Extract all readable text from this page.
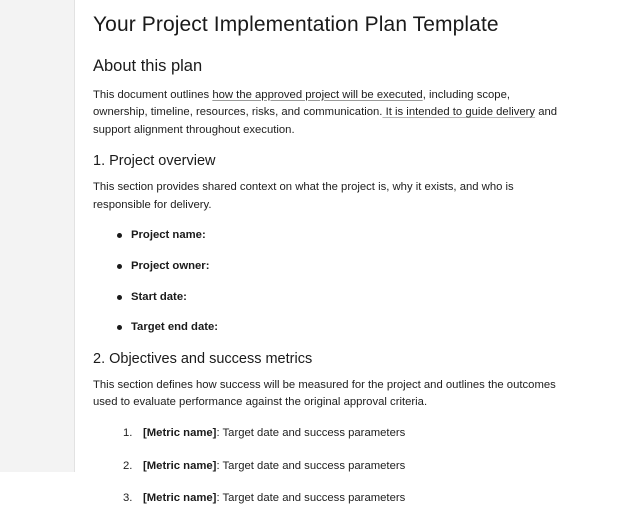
Your Project Implementation Plan Template
About this plan

This document outlines how the approved project will be executed, including scope, ownership, timeline, resources, risks, and communication. It is intended to guide delivery and support alignment throughout execution.

1. Project overview

This section provides shared context on what the project is, why it exists, and who is responsible for delivery.

Project name:
Project owner:
Start date:
Target end date:
2. Objectives and success metrics

This section defines how success will be measured for the project and outlines the outcomes used to evaluate performance against the original approval criteria.

[Metric name]: Target date and success parameters
[Metric name]: Target date and success parameters
[Metric name]: Target date and success parameters
